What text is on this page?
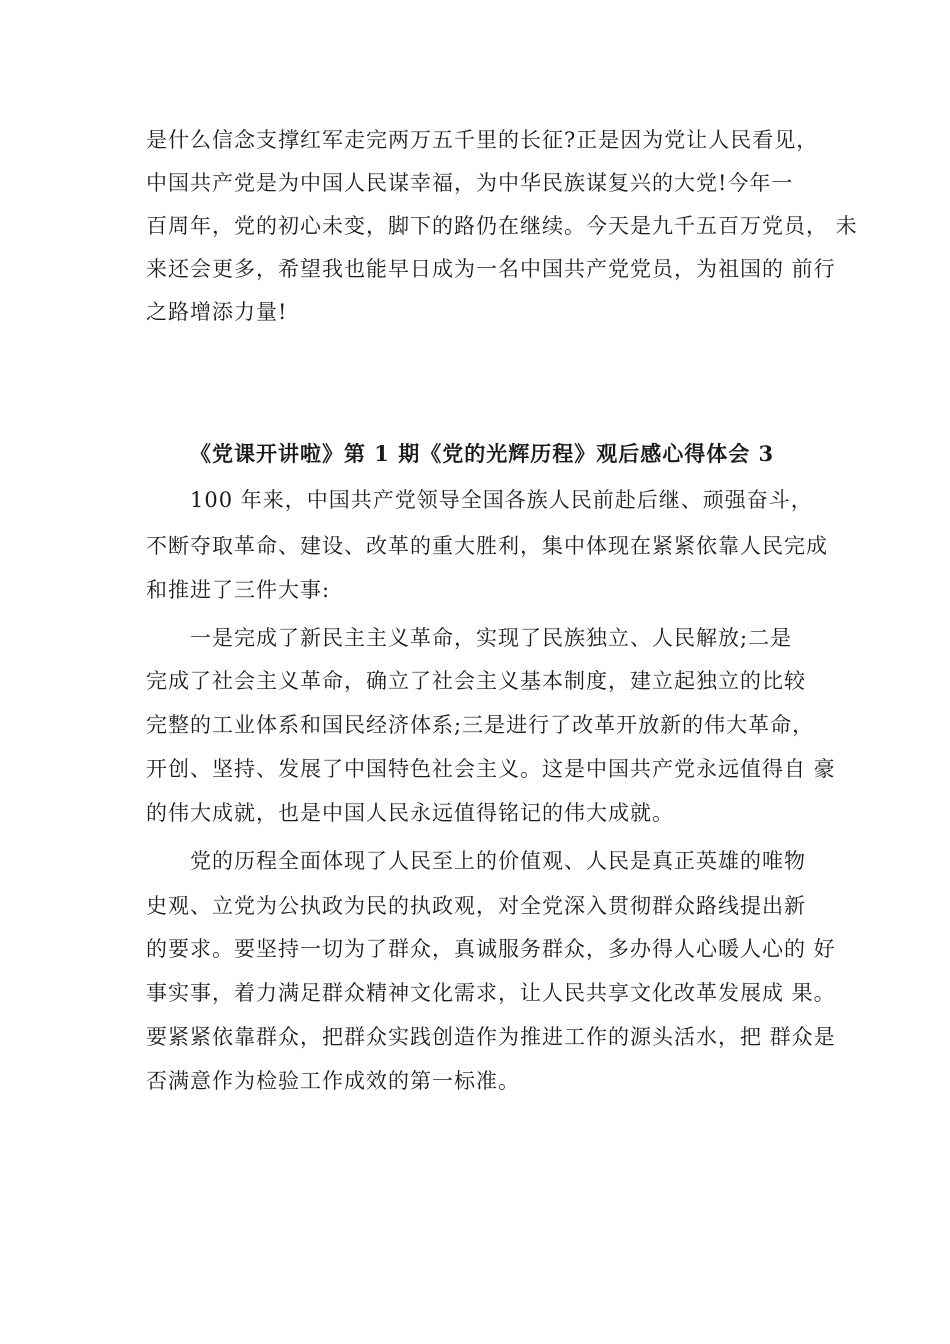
是什么信念支撑红军走完两万五千里的长征?正是因为党让人民看见，
中国共产党是为中国人民谋幸福，为中华民族谋复兴的大党!今年一
百周年，党的初心未变，脚下的路仍在继续。今天是九千五百万党员， 未
来还会更多，希望我也能早日成为一名中国共产党党员，为祖国的 前行
之路增添力量!
《党课开讲啦》第 1 期《党的光辉历程》观后感心得体会 3
100 年来，中国共产党领导全国各族人民前赴后继、顽强奋斗，
不断夺取革命、建设、改革的重大胜利，集中体现在紧紧依靠人民完成
和推进了三件大事:
一是完成了新民主主义革命，实现了民族独立、人民解放;二是
完成了社会主义革命，确立了社会主义基本制度，建立起独立的比较
完整的工业体系和国民经济体系;三是进行了改革开放新的伟大革命，
开创、坚持、发展了中国特色社会主义。这是中国共产党永远值得自 豪
的伟大成就，也是中国人民永远值得铭记的伟大成就。
党的历程全面体现了人民至上的价值观、人民是真正英雄的唯物
史观、立党为公执政为民的执政观，对全党深入贯彻群众路线提出新
的要求。要坚持一切为了群众，真诚服务群众，多办得人心暖人心的 好
事实事，着力满足群众精神文化需求，让人民共享文化改革发展成 果。
要紧紧依靠群众，把群众实践创造作为推进工作的源头活水，把 群众是
否满意作为检验工作成效的第一标准。
